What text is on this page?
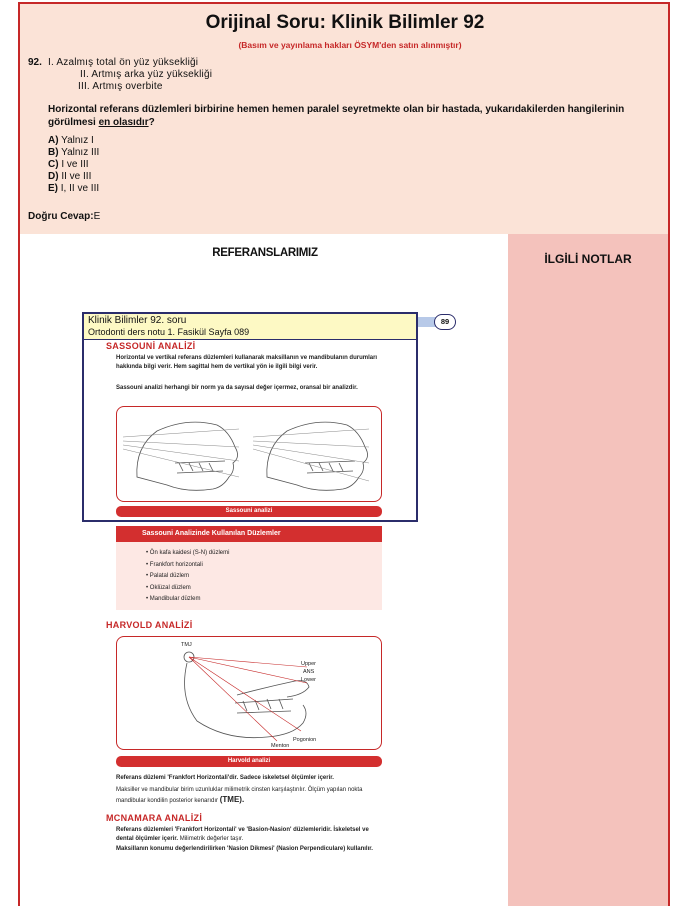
Orijinal Soru: Klinik Bilimler 92
(Basım ve yayınlama hakları ÖSYM'den satın alınmıştır)
92. I. Azalmış total ön yüz yüksekliği
II. Artmış arka yüz yüksekliği
III. Artmış overbite
Horizontal referans düzlemleri birbirine hemen hemen paralel seyretmekte olan bir hastada, yukarıdakilerden hangilerinin görülmesi en olasıdır?
A) Yalnız I
B) Yalnız III
C) I ve III
D) II ve III
E) I, II ve III
Doğru Cevap:E
REFERANSLARIMIZ
89
Klinik Bilimler 92. soru
Ortodonti ders notu 1. Fasikül Sayfa 089
SASSOUNİ ANALİZİ
Horizontal ve vertikal referans düzlemleri kullanarak maksillanın ve mandibulanın durumları hakkında bilgi verir. Hem sagittal hem de vertikal yön ie ilgili bilgi verir.
Sassouni analizi herhangi bir norm ya da sayısal değer içermez, oransal bir analizdir.
Sassouni analizi
Sassouni Analizinde Kullanılan Düzlemler
• Ön kafa kaidesi (S-N) düzlemi
• Frankfort horizontali
• Palatal düzlem
• Oklüzal düzlem
• Mandibular düzlem
HARVOLD ANALİZİ
TMJ
Upper
ANS
Lower
Pogonion
Menton
Harvold analizi
Referans düzlemi 'Frankfort Horizontali'dir. Sadece iskeletsel ölçümler içerir.
Maksiller ve mandibular birim uzunluklar milimetrik cinsten karşılaştırılır. Ölçüm yapılan nokta mandibular kondilin posterior kenarıdır (TME).
MCNAMARA ANALİZİ
Referans düzlemleri 'Frankfort Horizontali' ve 'Basion-Nasion' düzlemleridir. İskeletsel ve dental ölçümler içerir. Milimetrik değerler taşır.
Maksillanın konumu değerlendirilirken 'Nasion Dikmesi' (Nasion Perpendiculare) kullanılır.
İLGİLİ NOTLAR
